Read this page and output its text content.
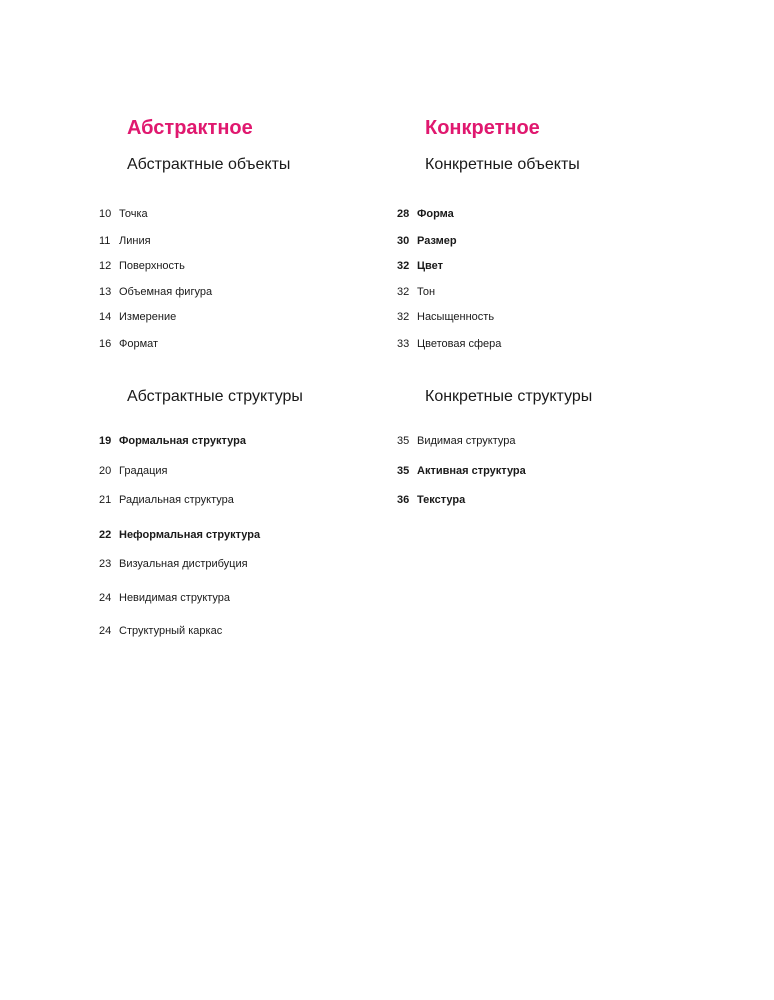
Абстрактное
Абстрактные объекты
10 Точка
11 Линия
12 Поверхность
13 Объемная фигура
14 Измерение
16 Формат
Абстрактные структуры
19 Формальная структура
20 Градация
21 Радиальная структура
22 Неформальная структура
23 Визуальная дистрибуция
24 Невидимая структура
24 Структурный каркас
Конкретное
Конкретные объекты
28 Форма
30 Размер
32 Цвет
32 Тон
32 Насыщенность
33 Цветовая сфера
Конкретные структуры
35 Видимая структура
35 Активная структура
36 Текстура
